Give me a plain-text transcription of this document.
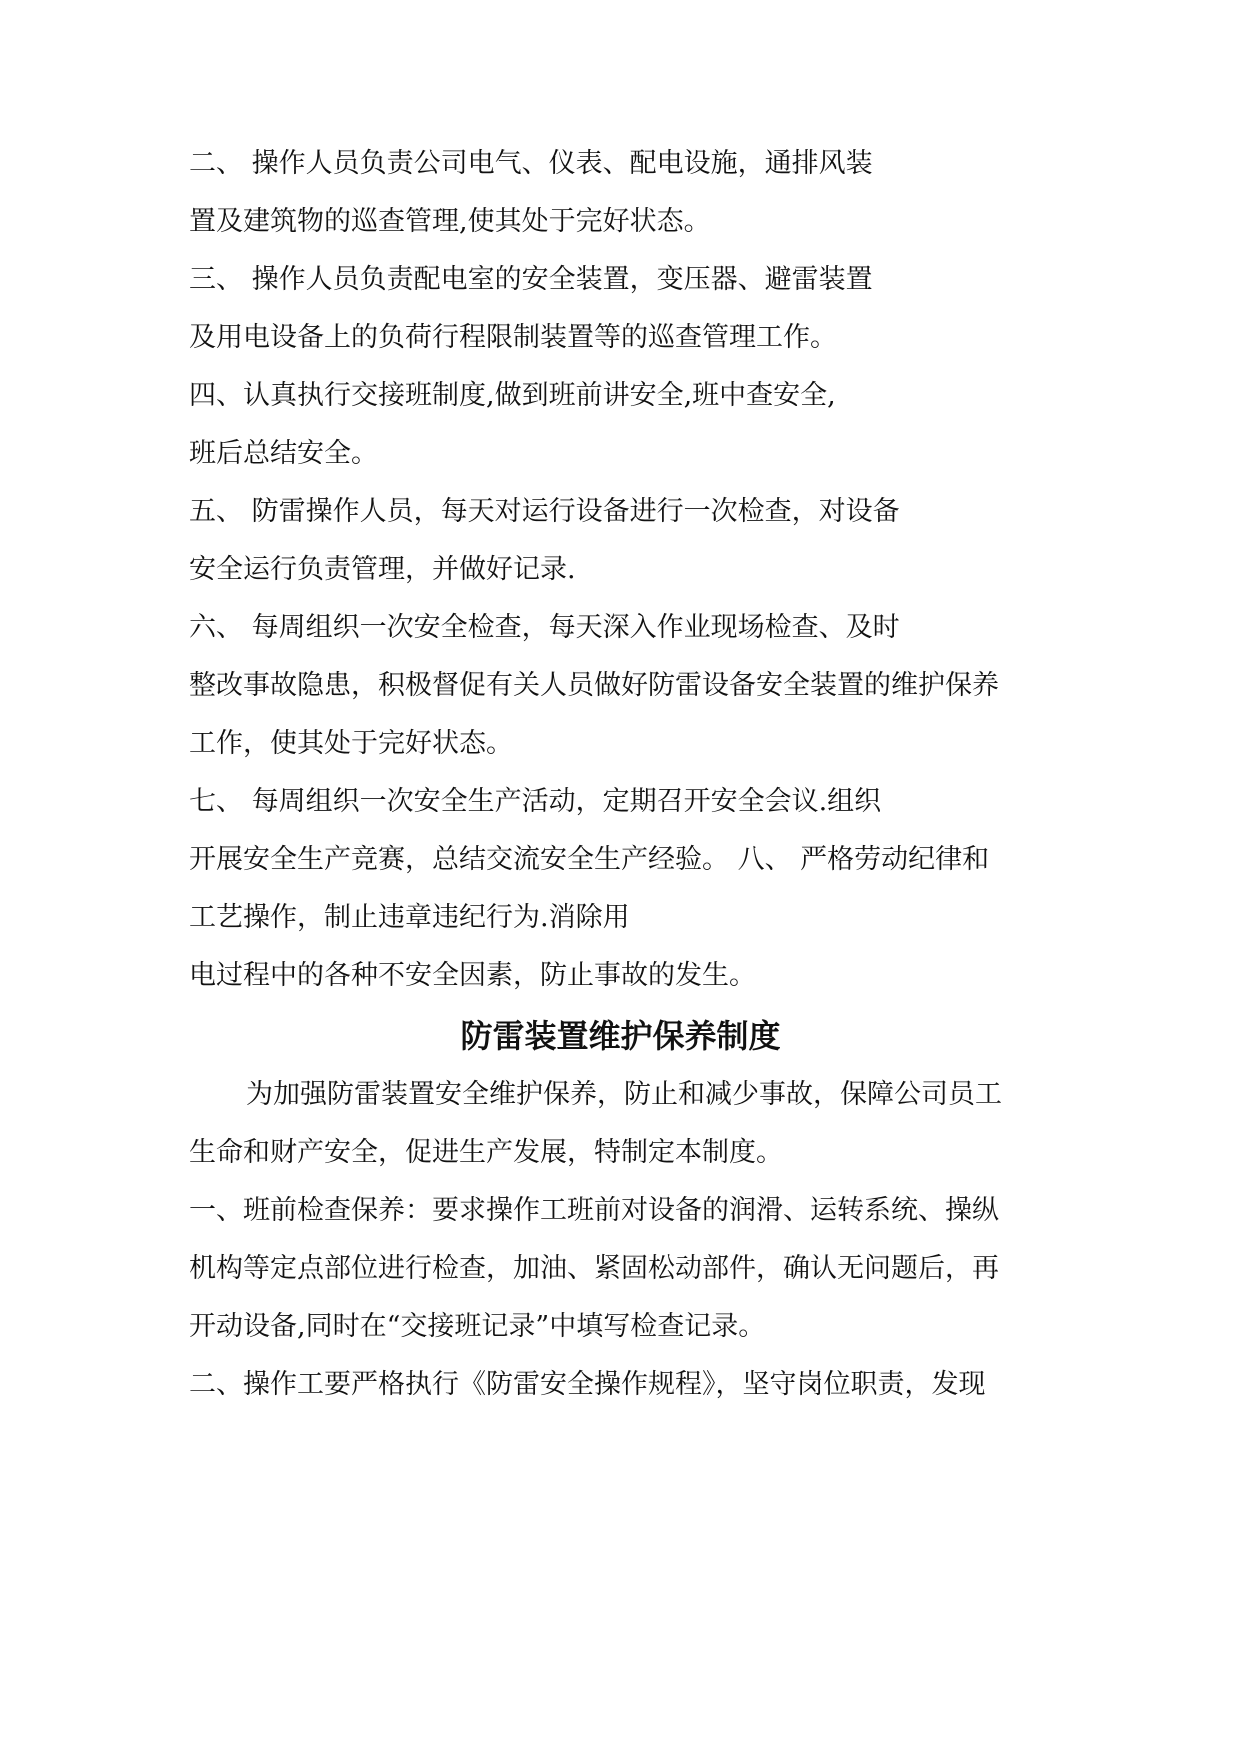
二、 操作人员负责公司电气、仪表、配电设施，通排风装
置及建筑物的巡查管理,使其处于完好状态。
三、 操作人员负责配电室的安全装置，变压器、避雷装置
及用电设备上的负荷行程限制装置等的巡查管理工作。
四、认真执行交接班制度,做到班前讲安全,班中查安全,
班后总结安全。
五、 防雷操作人员，每天对运行设备进行一次检查，对设备
安全运行负责管理，并做好记录.
六、 每周组织一次安全检查，每天深入作业现场检查、及时
整改事故隐患，积极督促有关人员做好防雷设备安全装置的维护保养
工作，使其处于完好状态。
七、 每周组织一次安全生产活动，定期召开安全会议.组织
开展安全生产竞赛，总结交流安全生产经验。 八、 严格劳动纪律和
工艺操作，制止违章违纪行为.消除用
电过程中的各种不安全因素，防止事故的发生。
防雷装置维护保养制度
为加强防雷装置安全维护保养，防止和减少事故，保障公司员工
生命和财产安全，促进生产发展，特制定本制度。
一、班前检查保养：要求操作工班前对设备的润滑、运转系统、操纵
机构等定点部位进行检查，加油、紧固松动部件，确认无问题后，再
开动设备,同时在“交接班记录”中填写检查记录。
二、操作工要严格执行《防雷安全操作规程》，坚守岗位职责，发现
